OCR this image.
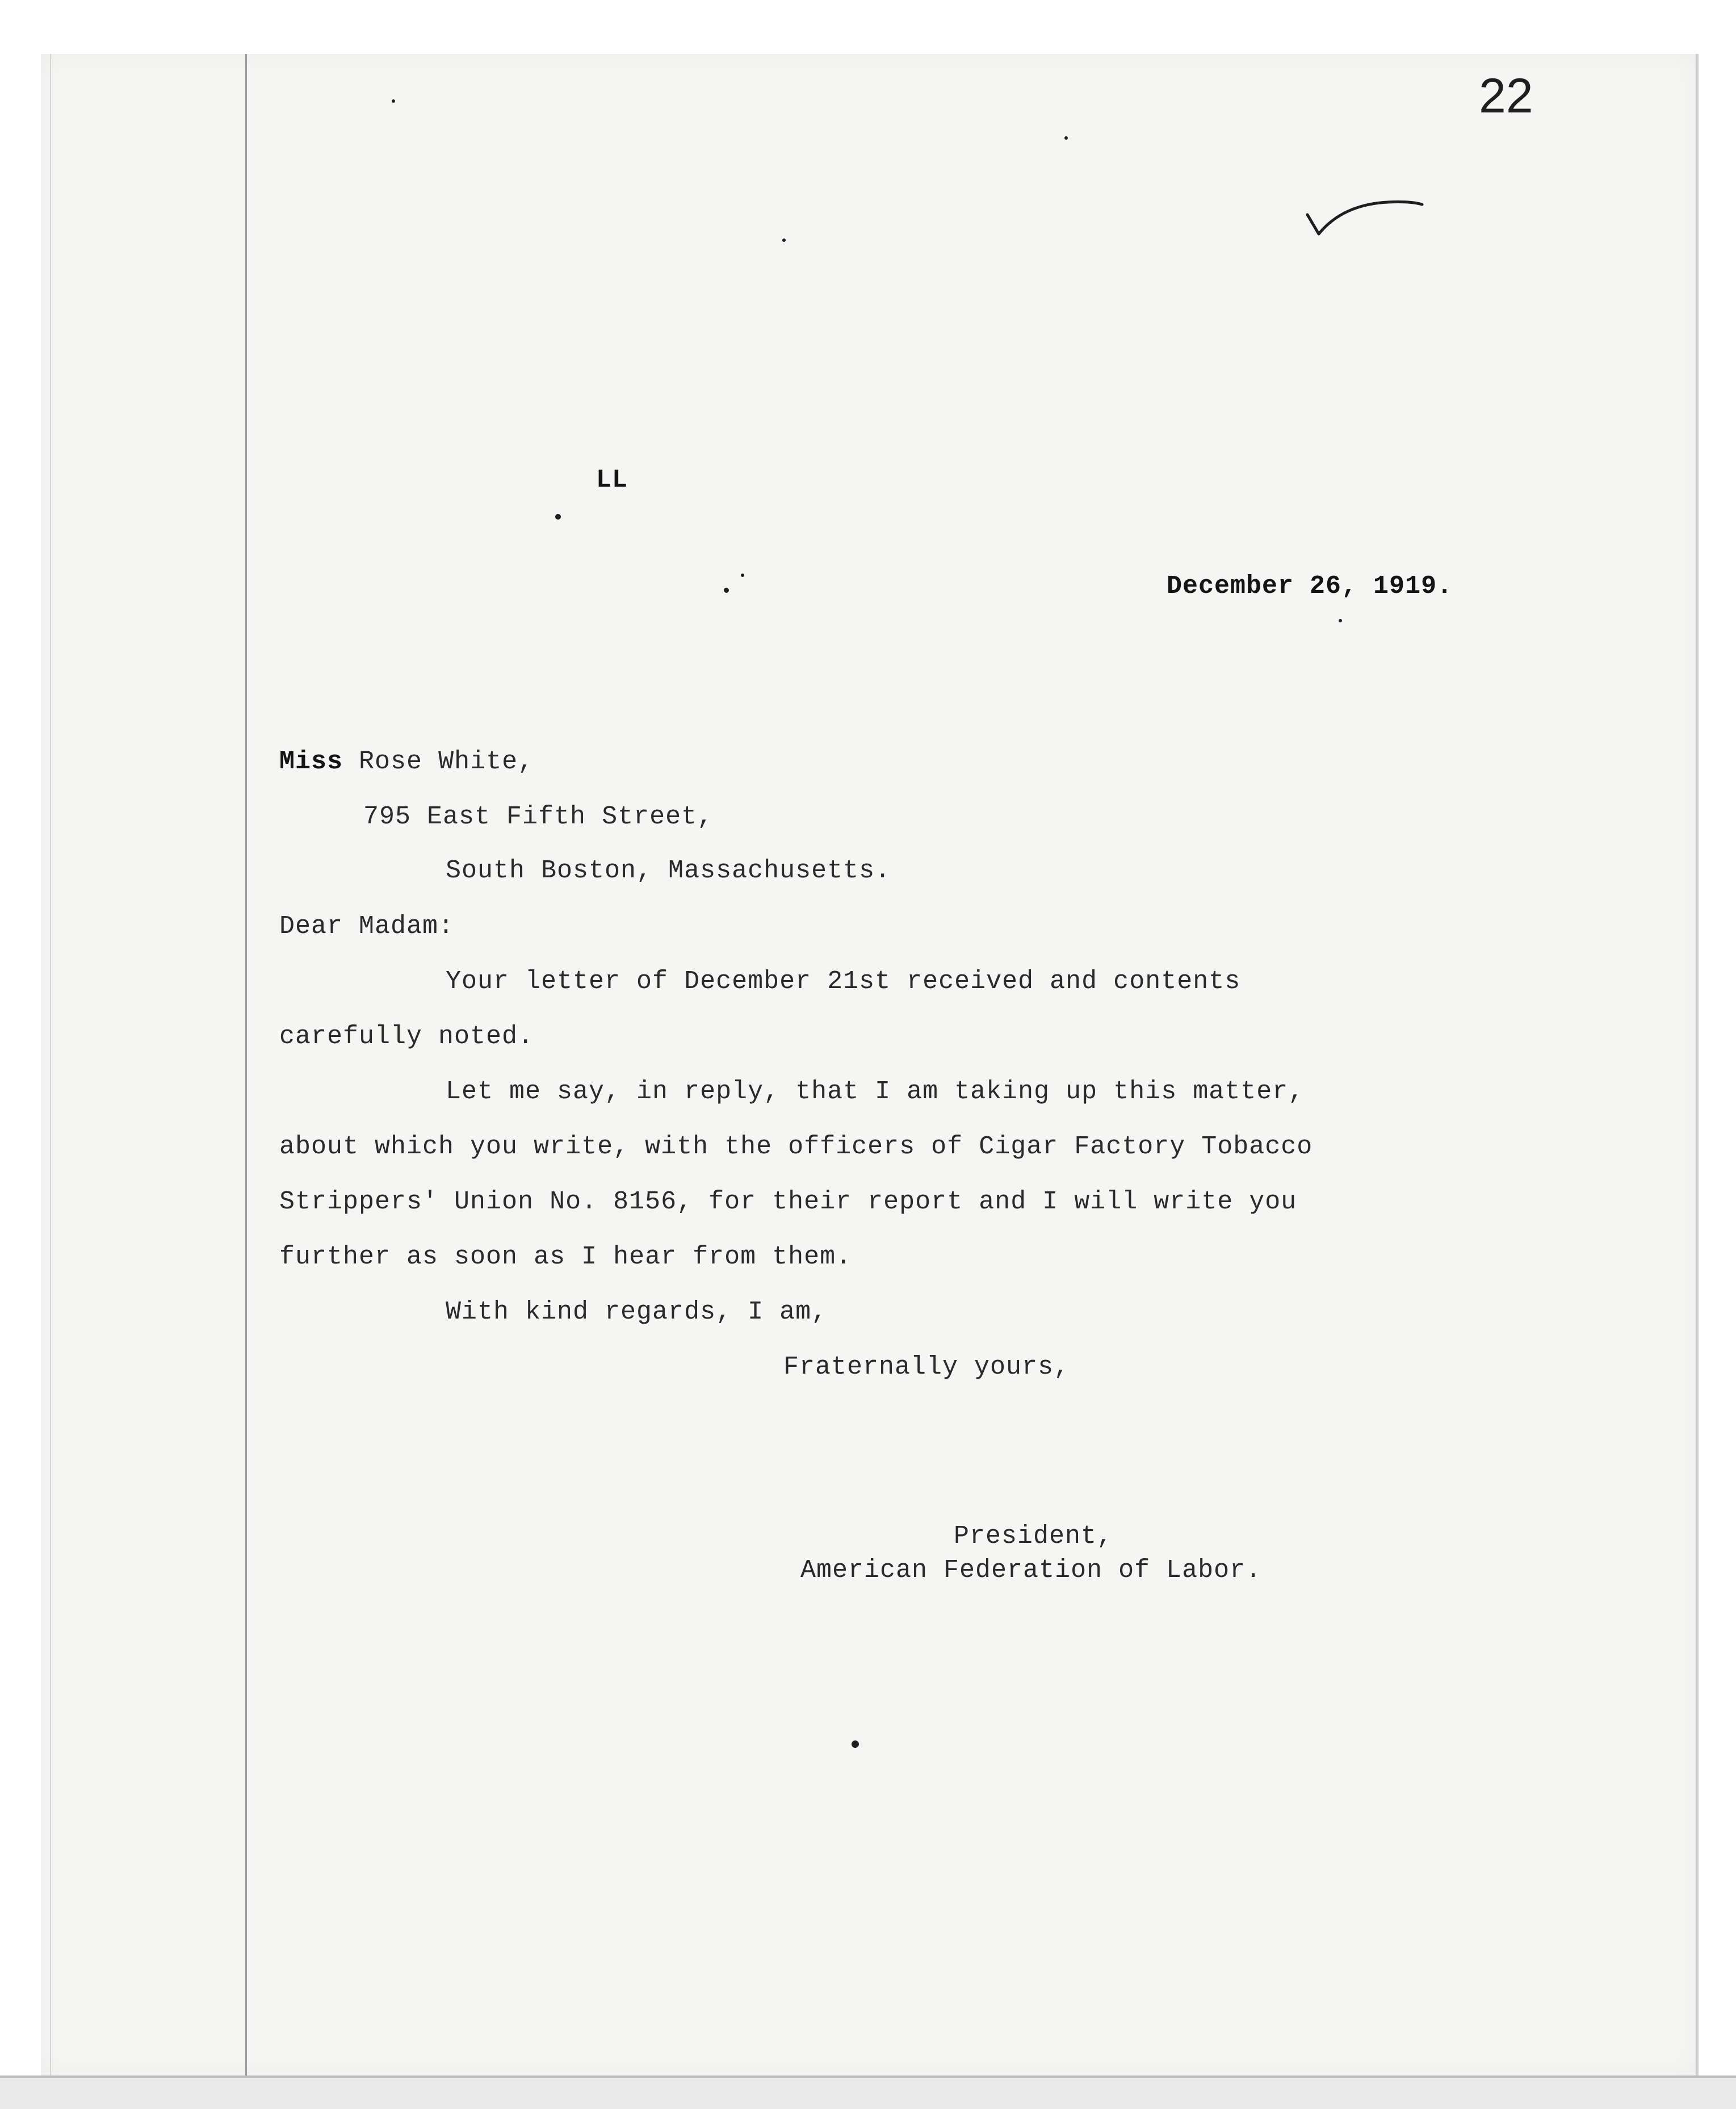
22
LL
December 26, 1919.
Miss Rose White,
795 East Fifth Street,
South Boston, Massachusetts.
Dear Madam:
Your letter of December 21st received and contents
carefully noted.
Let me say, in reply, that I am taking up this matter,
about which you write, with the officers of Cigar Factory Tobacco
Strippers' Union No. 8156, for their report and I will write you
further as soon as I hear from them.
With kind regards, I am,
Fraternally yours,
President,
American Federation of Labor.
